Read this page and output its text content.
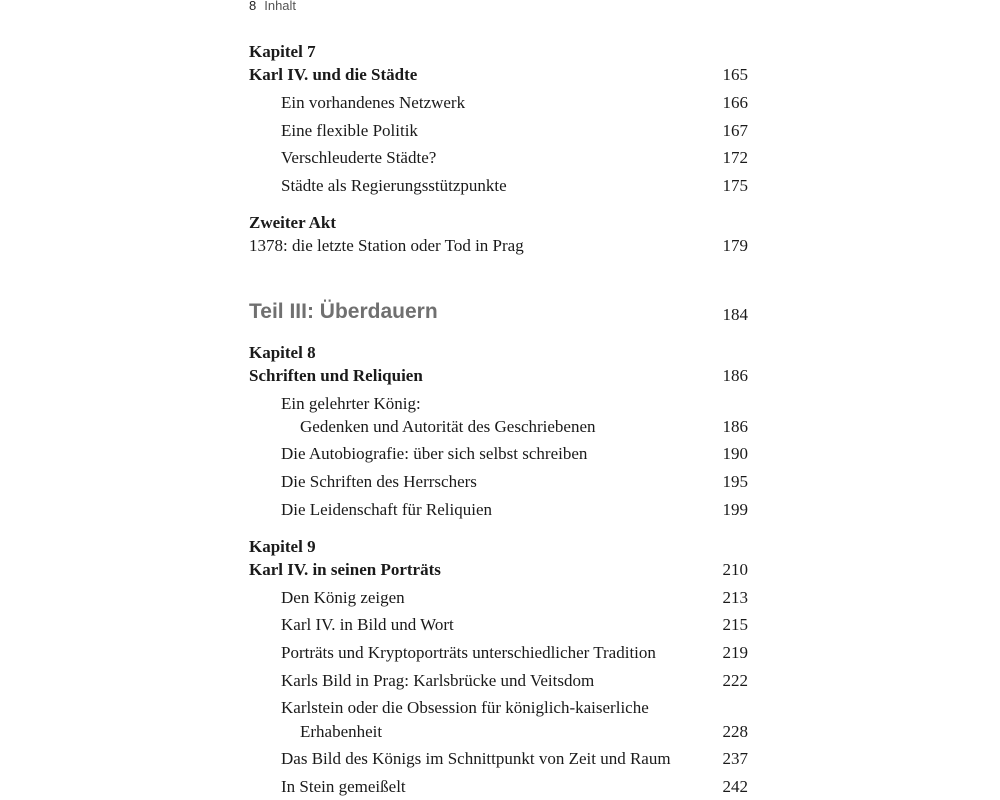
8 Inhalt
Kapitel 7
Karl IV. und die Städte	165
Ein vorhandenes Netzwerk	166
Eine flexible Politik	167
Verschleuderte Städte?	172
Städte als Regierungsstützpunkte	175
Zweiter Akt
1378: die letzte Station oder Tod in Prag	179
Teil III: Überdauern	184
Kapitel 8
Schriften und Reliquien	186
Ein gelehrter König:
Gedenken und Autorität des Geschriebenen	186
Die Autobiografie: über sich selbst schreiben	190
Die Schriften des Herrschers	195
Die Leidenschaft für Reliquien	199
Kapitel 9
Karl IV. in seinen Porträts	210
Den König zeigen	213
Karl IV. in Bild und Wort	215
Porträts und Kryptoporträts unterschiedlicher Tradition	219
Karls Bild in Prag: Karlsbrücke und Veitsdom	222
Karlstein oder die Obsession für königlich-kaiserliche
Erhabenheit	228
Das Bild des Königs im Schnittpunkt von Zeit und Raum	237
In Stein gemeißelt	242
